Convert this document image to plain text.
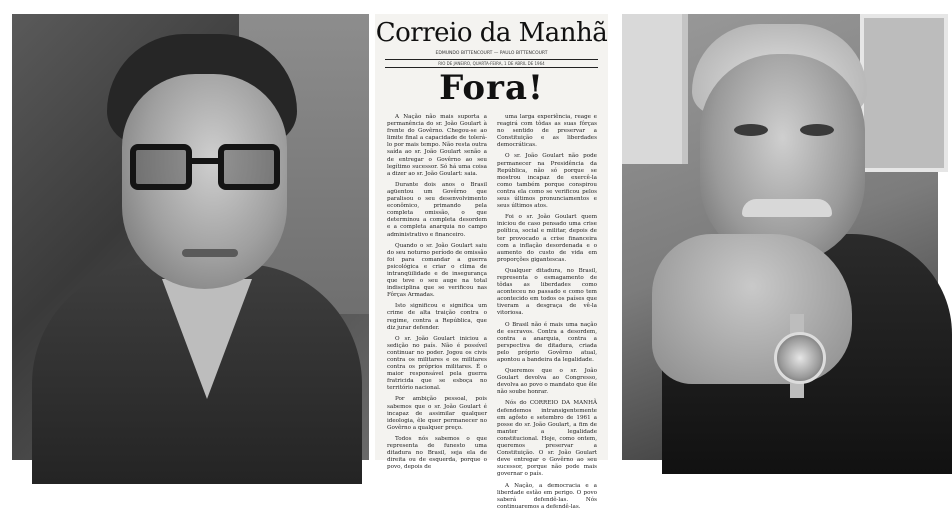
Correio da Manhã
EDMUNDO BITTENCOURT — PAULO BITTENCOURT
RIO DE JANEIRO, QUARTA-FEIRA, 1 DE ABRIL DE 1964
Fora!

A Nação não mais suporta a permanência do sr. João Goulart à frente do Govêrno. Chegou-se ao limite final a capacidade de tolerá-lo por mais tempo. Não resta outra saída ao sr. João Goulart senão a de entregar o Govêrno ao seu legítimo sucessor. Só há uma coisa a dizer ao sr. João Goulart: saia.

Durante dois anos o Brasil agüentou um Govêrno que paralisou o seu desenvolvimento econômico, primando pela completa omissão, o que determinou a completa desordem e a completa anarquia no campo administrativo e financeiro.

Quando o sr. João Goulart saiu do seu noturno período de omissão foi para comandar a guerra psicológica e criar o clima de intranqüilidade e de insegurança que teve o seu auge na total indisciplina que se verificou nas Fôrças Armadas.

Isto significou e significa um crime de alta traição contra o regime, contra a República, que diz jurar defender.

O sr. João Goulart iniciou a sedição no país. Não é possível continuar no poder. Jogou os civis contra os militares e os militares contra os próprios militares. É o maior responsável pela guerra fratricida que se esboça no território nacional.

Por ambição pessoal, pois sabemos que o sr. João Goulart é incapaz de assimilar qualquer ideologia, êle quer permanecer no Govêrno a qualquer preço.

Todos nós sabemos o que representa de funesto uma ditadura no Brasil, seja ela de direita ou de esquerda, porque o povo, depois de

uma larga experiência, reage e reagirá com tôdas as suas fôrças no sentido de preservar a Constituição e as liberdades democráticas.

O sr. João Goulart não pode permanecer na Presidência da República, não só porque se mostrou incapaz de exercê-la como também porque conspirou contra ela como se verificou pelos seus últimos pronunciamentos e seus últimos atos.

Foi o sr. João Goulart quem iniciou de caso pensado uma crise política, social e militar, depois de ter provocado a crise financeira com a inflação desordenada e o aumento do custo de vida em proporções gigantescas.

Qualquer ditadura, no Brasil, representa o esmagamento de tôdas as liberdades como aconteceu no passado e como tem acontecido em todos os países que tiveram a desgraça de vê-la vitoriosa.

O Brasil não é mais uma nação de escravos. Contra a desordem, contra a anarquia, contra a perspectiva de ditadura, criada pelo próprio Govêrno atual, apontou a bandeira da legalidade.

Queremos que o sr. João Goulart devolva ao Congresso, devolva ao povo o mandato que êle não soube honrar.

Nós do CORREIO DA MANHÃ defendemos intransigentemente em agôsto e setembro de 1961 a posse do sr. João Goulart, a fim de manter a legalidade constitucional. Hoje, como ontem, queremos preservar a Constituição. O sr. João Goulart deve entregar o Govêrno ao seu sucessor, porque não pode mais governar o país.

A Nação, a democracia e a liberdade estão em perigo. O povo saberá defendê-las. Nós continuaremos a defendê-las.
